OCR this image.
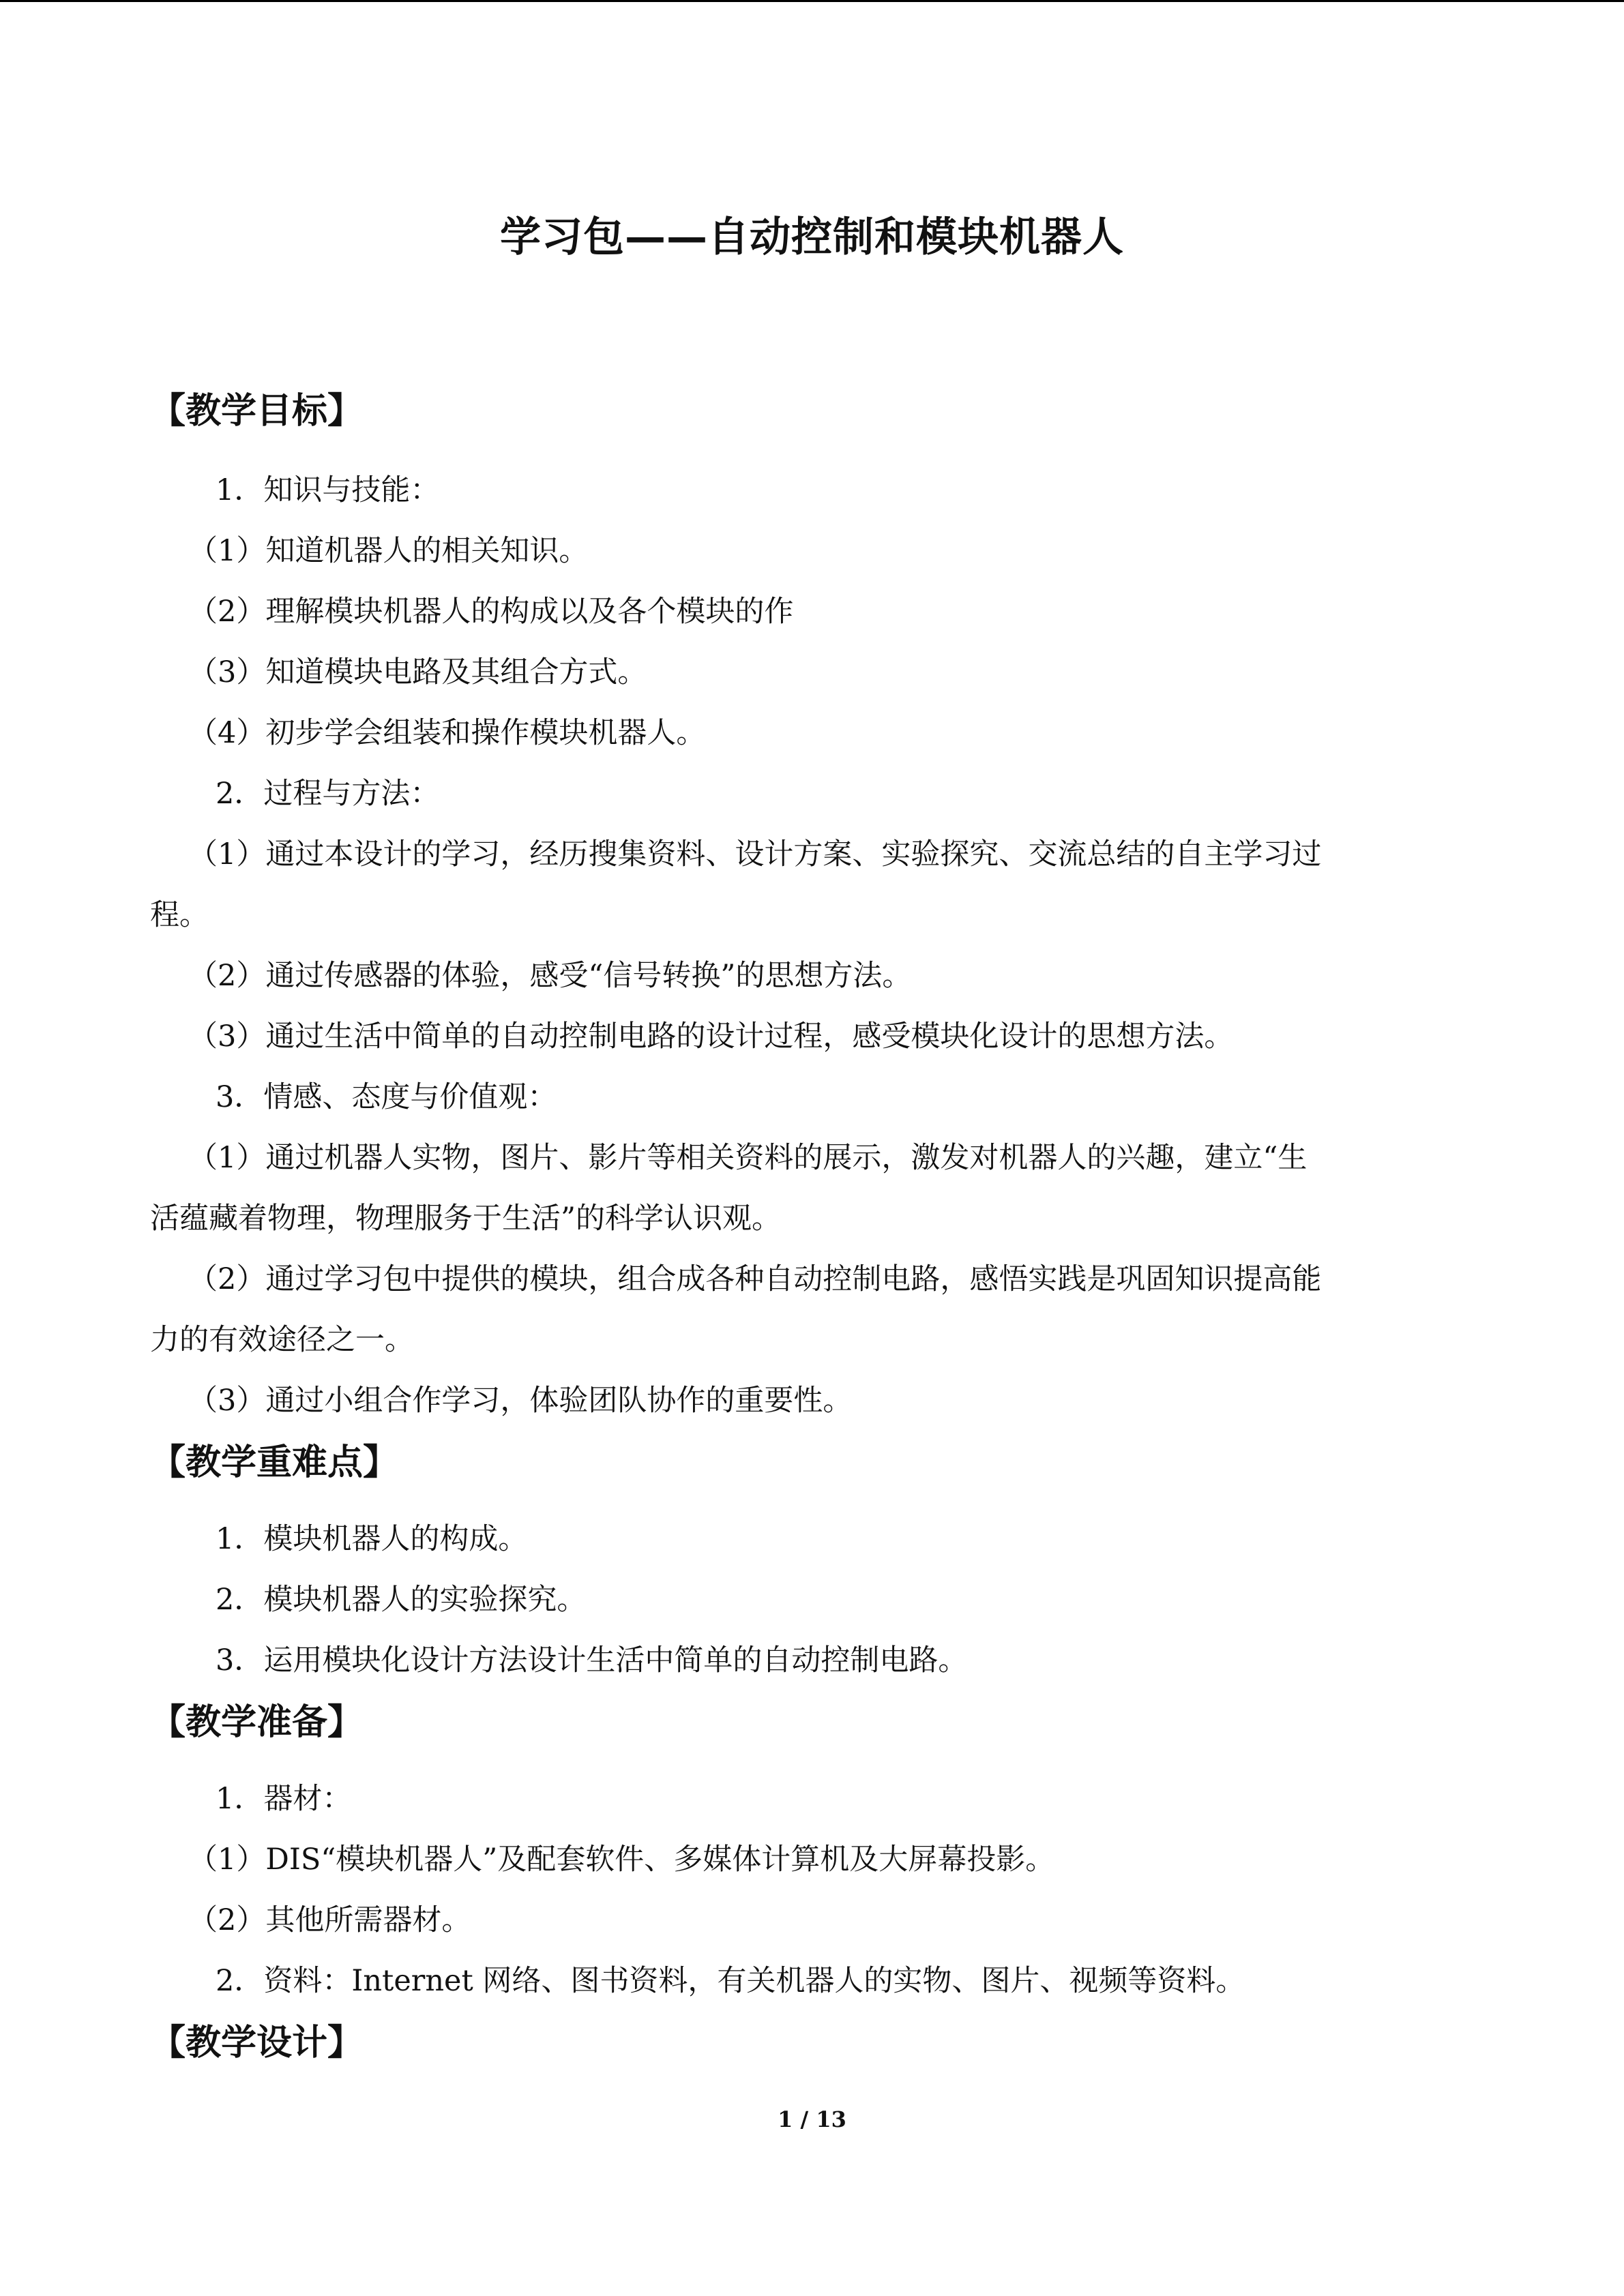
学习包——自动控制和模块机器人

【教学目标】

1．知识与技能：

（1）知道机器人的相关知识。

（2）理解模块机器人的构成以及各个模块的作

（3）知道模块电路及其组合方式。

（4）初步学会组装和操作模块机器人。

2．过程与方法：

（1）通过本设计的学习，经历搜集资料、设计方案、实验探究、交流总结的自主学习过

程。

（2）通过传感器的体验，感受“信号转换”的思想方法。

（3）通过生活中简单的自动控制电路的设计过程，感受模块化设计的思想方法。

3．情感、态度与价值观：

（1）通过机器人实物，图片、影片等相关资料的展示，激发对机器人的兴趣，建立“生

活蕴藏着物理，物理服务于生活”的科学认识观。

（2）通过学习包中提供的模块，组合成各种自动控制电路，感悟实践是巩固知识提高能

力的有效途径之一。

（3）通过小组合作学习，体验团队协作的重要性。

【教学重难点】

1．模块机器人的构成。

2．模块机器人的实验探究。

3．运用模块化设计方法设计生活中简单的自动控制电路。

【教学准备】

1．器材：

（1）DIS“模块机器人”及配套软件、多媒体计算机及大屏幕投影。

（2）其他所需器材。

2．资料：Internet 网络、图书资料，有关机器人的实物、图片、视频等资料。

【教学设计】

1 / 13
